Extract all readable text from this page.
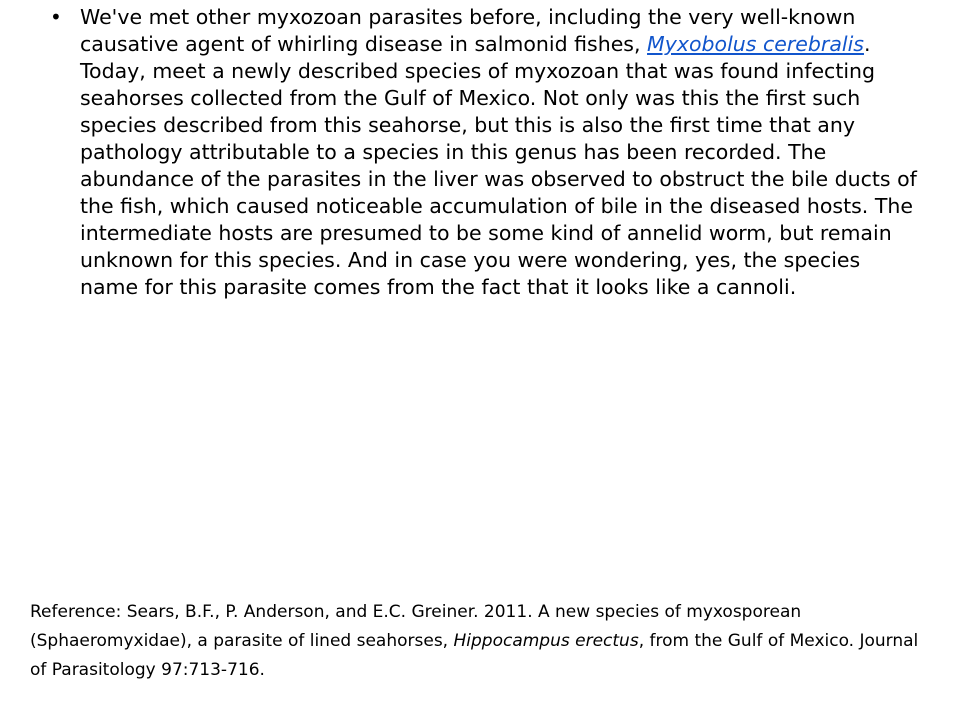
• We've met other myxozoan parasites before, including the very well-known causative agent of whirling disease in salmonid fishes, Myxobolus cerebralis. Today, meet a newly described species of myxozoan that was found infecting seahorses collected from the Gulf of Mexico. Not only was this the first such species described from this seahorse, but this is also the first time that any pathology attributable to a species in this genus has been recorded. The abundance of the parasites in the liver was observed to obstruct the bile ducts of the fish, which caused noticeable accumulation of bile in the diseased hosts. The intermediate hosts are presumed to be some kind of annelid worm, but remain unknown for this species. And in case you were wondering, yes, the species name for this parasite comes from the fact that it looks like a cannoli.

Reference: Sears, B.F., P. Anderson, and E.C. Greiner. 2011. A new species of myxosporean (Sphaeromyxidae), a parasite of lined seahorses, Hippocampus erectus, from the Gulf of Mexico. Journal of Parasitology 97:713-716.
